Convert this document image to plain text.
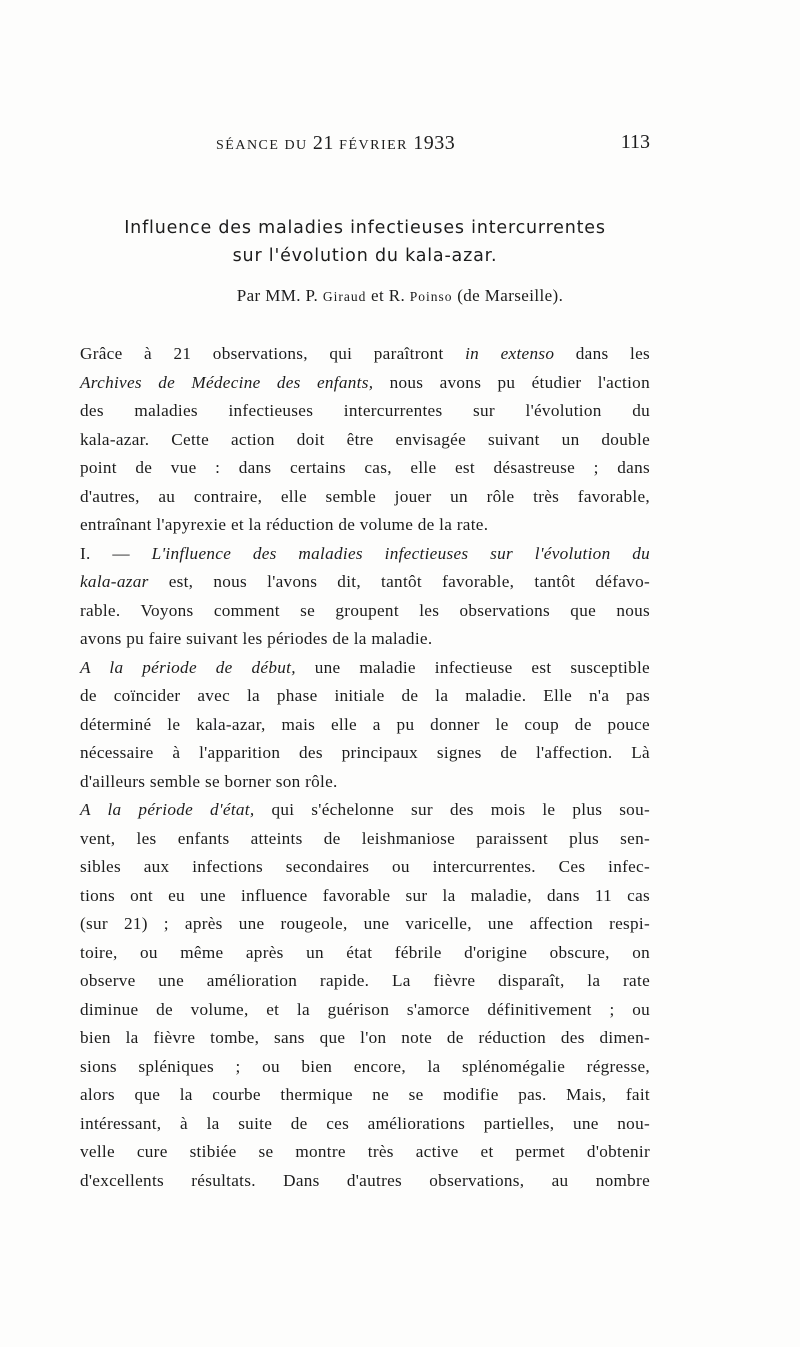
SÉANCE DU 21 FÉVRIER 1933	113
Influence des maladies infectieuses intercurrentes
sur l'évolution du kala-azar.
Par MM. P. Giraud et R. Poinso (de Marseille).
Grâce à 21 observations, qui paraîtront in extenso dans les
Archives de Médecine des enfants, nous avons pu étudier l'action
des maladies infectieuses intercurrentes sur l'évolution du
kala-azar. Cette action doit être envisagée suivant un double
point de vue : dans certains cas, elle est désastreuse ; dans
d'autres, au contraire, elle semble jouer un rôle très favorable,
entraînant l'apyrexie et la réduction de volume de la rate.
I. — L'influence des maladies infectieuses sur l'évolution du
kala-azar est, nous l'avons dit, tantôt favorable, tantôt défavo-
rable. Voyons comment se groupent les observations que nous
avons pu faire suivant les périodes de la maladie.
A la période de début, une maladie infectieuse est susceptible
de coïncider avec la phase initiale de la maladie. Elle n'a pas
déterminé le kala-azar, mais elle a pu donner le coup de pouce
nécessaire à l'apparition des principaux signes de l'affection. Là
d'ailleurs semble se borner son rôle.
A la période d'état, qui s'échelonne sur des mois le plus sou-
vent, les enfants atteints de leishmaniose paraissent plus sen-
sibles aux infections secondaires ou intercurrentes. Ces infec-
tions ont eu une influence favorable sur la maladie, dans 11 cas
(sur 21) ; après une rougeole, une varicelle, une affection respi-
toire, ou même après un état fébrile d'origine obscure, on
observe une amélioration rapide. La fièvre disparaît, la rate
diminue de volume, et la guérison s'amorce définitivement ; ou
bien la fièvre tombe, sans que l'on note de réduction des dimen-
sions spléniques ; ou bien encore, la splénomégalie régresse,
alors que la courbe thermique ne se modifie pas. Mais, fait
intéressant, à la suite de ces améliorations partielles, une nou-
velle cure stibiée se montre très active et permet d'obtenir
d'excellents résultats. Dans d'autres observations, au nombre
